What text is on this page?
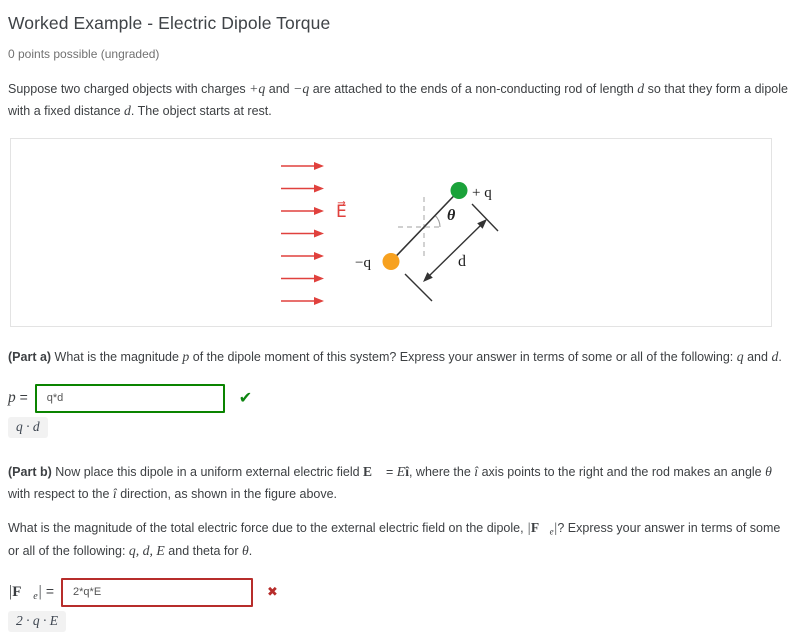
Worked Example - Electric Dipole Torque
0 points possible (ungraded)
Suppose two charged objects with charges +q and −q are attached to the ends of a non-conducting rod of length d so that they form a dipole with a fixed distance d. The object starts at rest.
E⃗
+ q
−q
θ
d
(Part a) What is the magnitude p of the dipole moment of this system? Express your answer in terms of some or all of the following: q and d.
p =
q*d	✔
q · d
(Part b) Now place this dipole in a uniform external electric field E⃗ = Eî, where the î axis points to the right and the rod makes an angle θ with respect to the î direction, as shown in the figure above.
What is the magnitude of the total electric force due to the external electric field on the dipole, $|F⃗_e|$? Express your answer in terms of some or all of the following: q, d, E and theta for θ.
$|F⃗_e|$ =
2*q*E	✖
2 · q · E
